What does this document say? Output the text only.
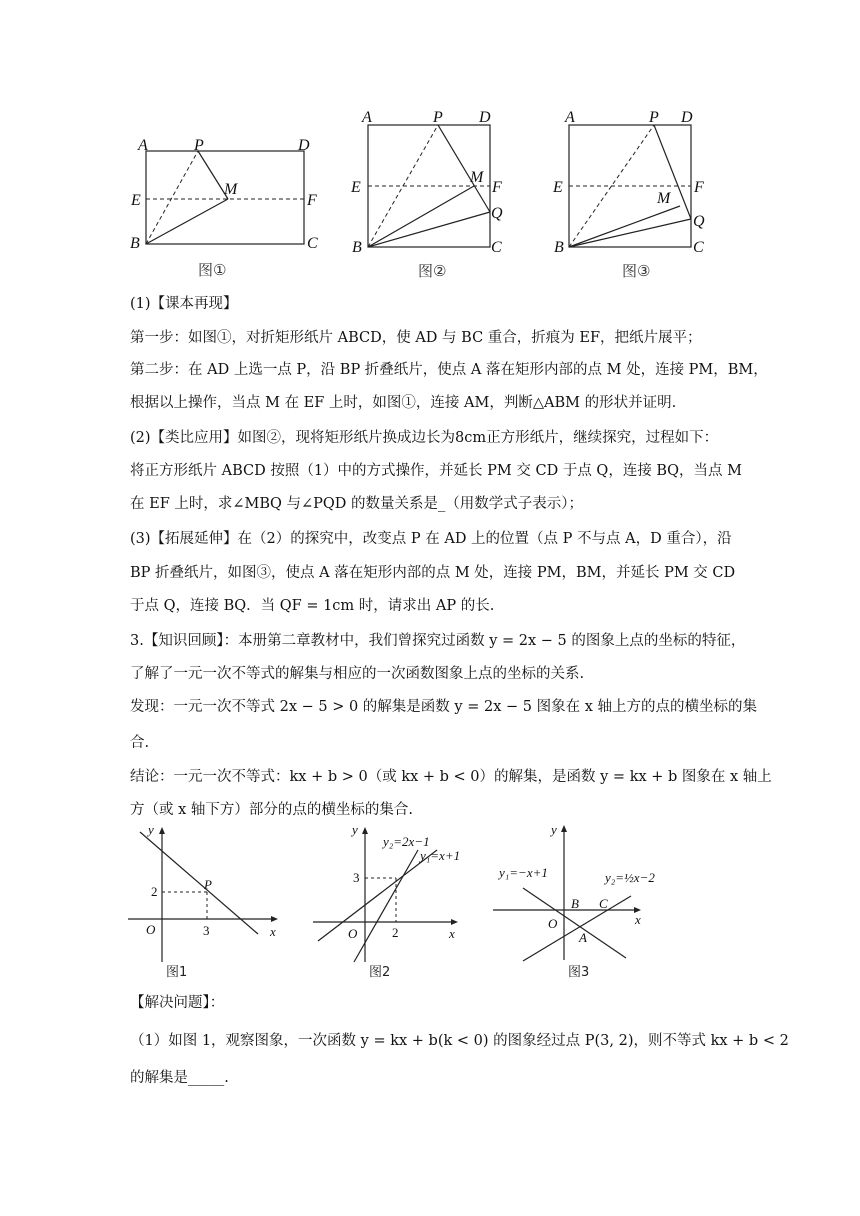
A	P	D
E
M
F
B	C
图①
A	P D
E
M
F
Q
B	C
图②
A	P D
E
M
F
Q
B	C
图③
(1)【课本再现】
第一步：如图①，对折矩形纸片 ABCD，使 AD 与 BC 重合，折痕为 EF，把纸片展平；
第二步：在 AD 上选一点 P，沿 BP 折叠纸片，使点 A 落在矩形内部的点 M 处，连接 PM，BM，
根据以上操作，当点 M 在 EF 上时，如图①，连接 AM，判断△ABM 的形状并证明.
(2)【类比应用】如图②，现将矩形纸片换成边长为8cm正方形纸片，继续探究，过程如下：
将正方形纸片 ABCD 按照（1）中的方式操作，并延长 PM 交 CD 于点 Q，连接 BQ，当点 M
在 EF 上时，求∠MBQ 与∠PQD 的数量关系是_（用数学式子表示）；
(3)【拓展延伸】在（2）的探究中，改变点 P 在 AD 上的位置（点 P 不与点 A，D 重合），沿
BP 折叠纸片，如图③，使点 A 落在矩形内部的点 M 处，连接 PM，BM，并延长 PM 交 CD
于点 Q，连接 BQ．当 QF = 1cm 时，请求出 AP 的长.
3.【知识回顾】：本册第二章教材中，我们曾探究过函数 y = 2x − 5 的图象上点的坐标的特征，
了解了一元一次不等式的解集与相应的一次函数图象上点的坐标的关系.
发现：一元一次不等式 2x − 5 > 0 的解集是函数 y = 2x − 5 图象在 x 轴上方的点的横坐标的集
合.
结论：一元一次不等式：kx + b > 0（或 kx + b < 0）的解集，是函数 y = kx + b 图象在 x 轴上
方（或 x 轴下方）部分的点的横坐标的集合.
y
x
O
P
2
3
图1
y
x
O
3
2
y₂=2x−1
y₁=x+1
图2
y
x
O
B C
A
y₁=−x+1	y₂=½x−2
图3
【解决问题】：
（1）如图 1，观察图象，一次函数 y = kx + b(k < 0) 的图象经过点 P(3, 2)，则不等式 kx + b < 2
的解集是_____.
